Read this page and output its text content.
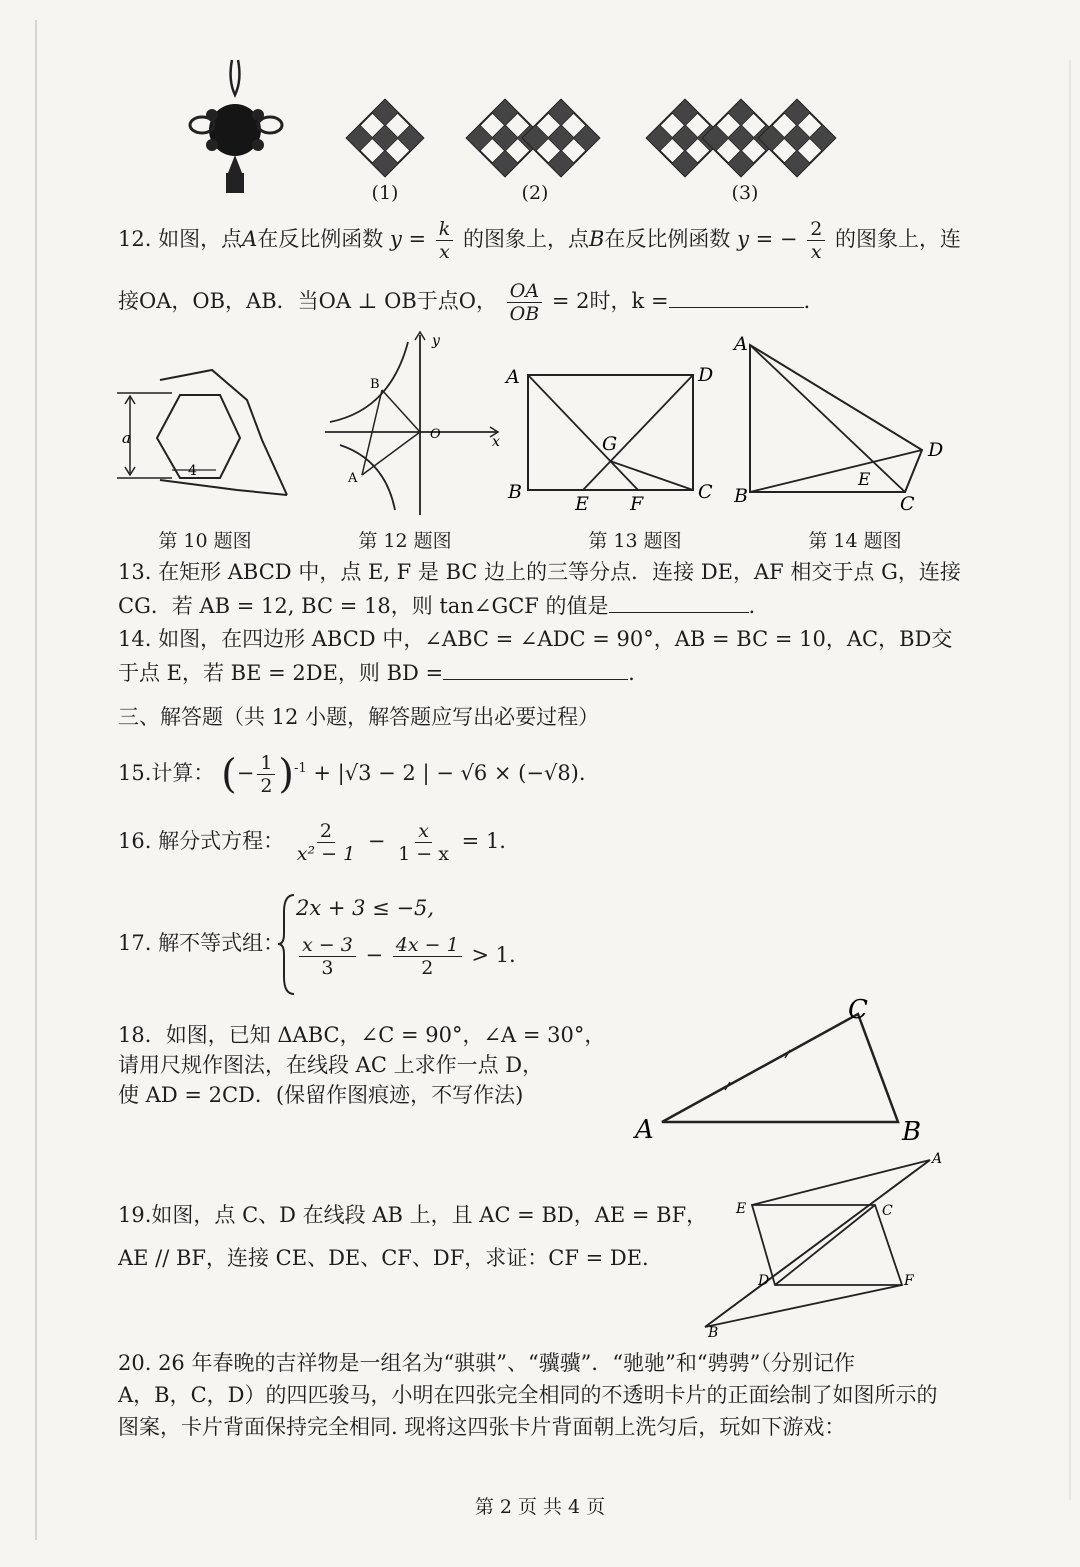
(1)	(2)	(3)
12. 如图，点A在反比例函数 $y = \frac{k}{x}$ 的图象上，点B在反比例函数 y = − $\frac{2}{x}$ 的图象上，连
接OA，OB，AB．当OA ⊥ OB于点O， $\frac{OA}{OB} = 2$时，k =	.
a
4
y
x
O
B
A
A	D
B	C
E F
G
A
B	C
D
E
第 10 题图	第 12 题图	第 13 题图	第 14 题图
13. 在矩形 ABCD 中，点 E, F 是 BC 边上的三等分点．连接 DE，AF 相交于点 G，连接
CG．若 AB = 12, BC = 18，则 tan∠GCF 的值是	.
14. 如图，在四边形 ABCD 中，∠ABC = ∠ADC = 90°，AB = BC = 10，AC，BD交
于点 E，若 BE = 2DE，则 BD =	.
三、解答题（共 12 小题，解答题应写出必要过程）
15.计算： (− $\frac{1}{2} )^{-1} + |√3 - 2$ | − √6 × (−√8).
16. 解分式方程： $\frac{2}{\text{x² − 1}} - \frac{x}{1 - x} = 1$.
17. 解不等式组：
2x + 3 ≤ −5,
$\frac{x - 3}{3} - \frac{4x - 1}{2} > 1$.
18．如图，已知 ΔABC，∠C = 90°，∠A = 30°，
请用尺规作图法，在线段 AC 上求作一点 D，
使 AD = 2CD．(保留作图痕迹，不写作法)
A	B
C
19.如图，点 C、D 在线段 AB 上，且 AC = BD，AE = BF，
AE // BF，连接 CE、DE、CF、DF，求证：CF = DE.
A
B
C
D
E
F
20. 26 年春晚的吉祥物是一组名为“骐骐”、“骥骥”．“驰驰”和“骋骋”（分别记作
A，B，C，D）的四匹骏马，小明在四张完全相同的不透明卡片的正面绘制了如图所示的
图案，卡片背面保持完全相同. 现将这四张卡片背面朝上洗匀后，玩如下游戏：
第 2 页 共 4 页
